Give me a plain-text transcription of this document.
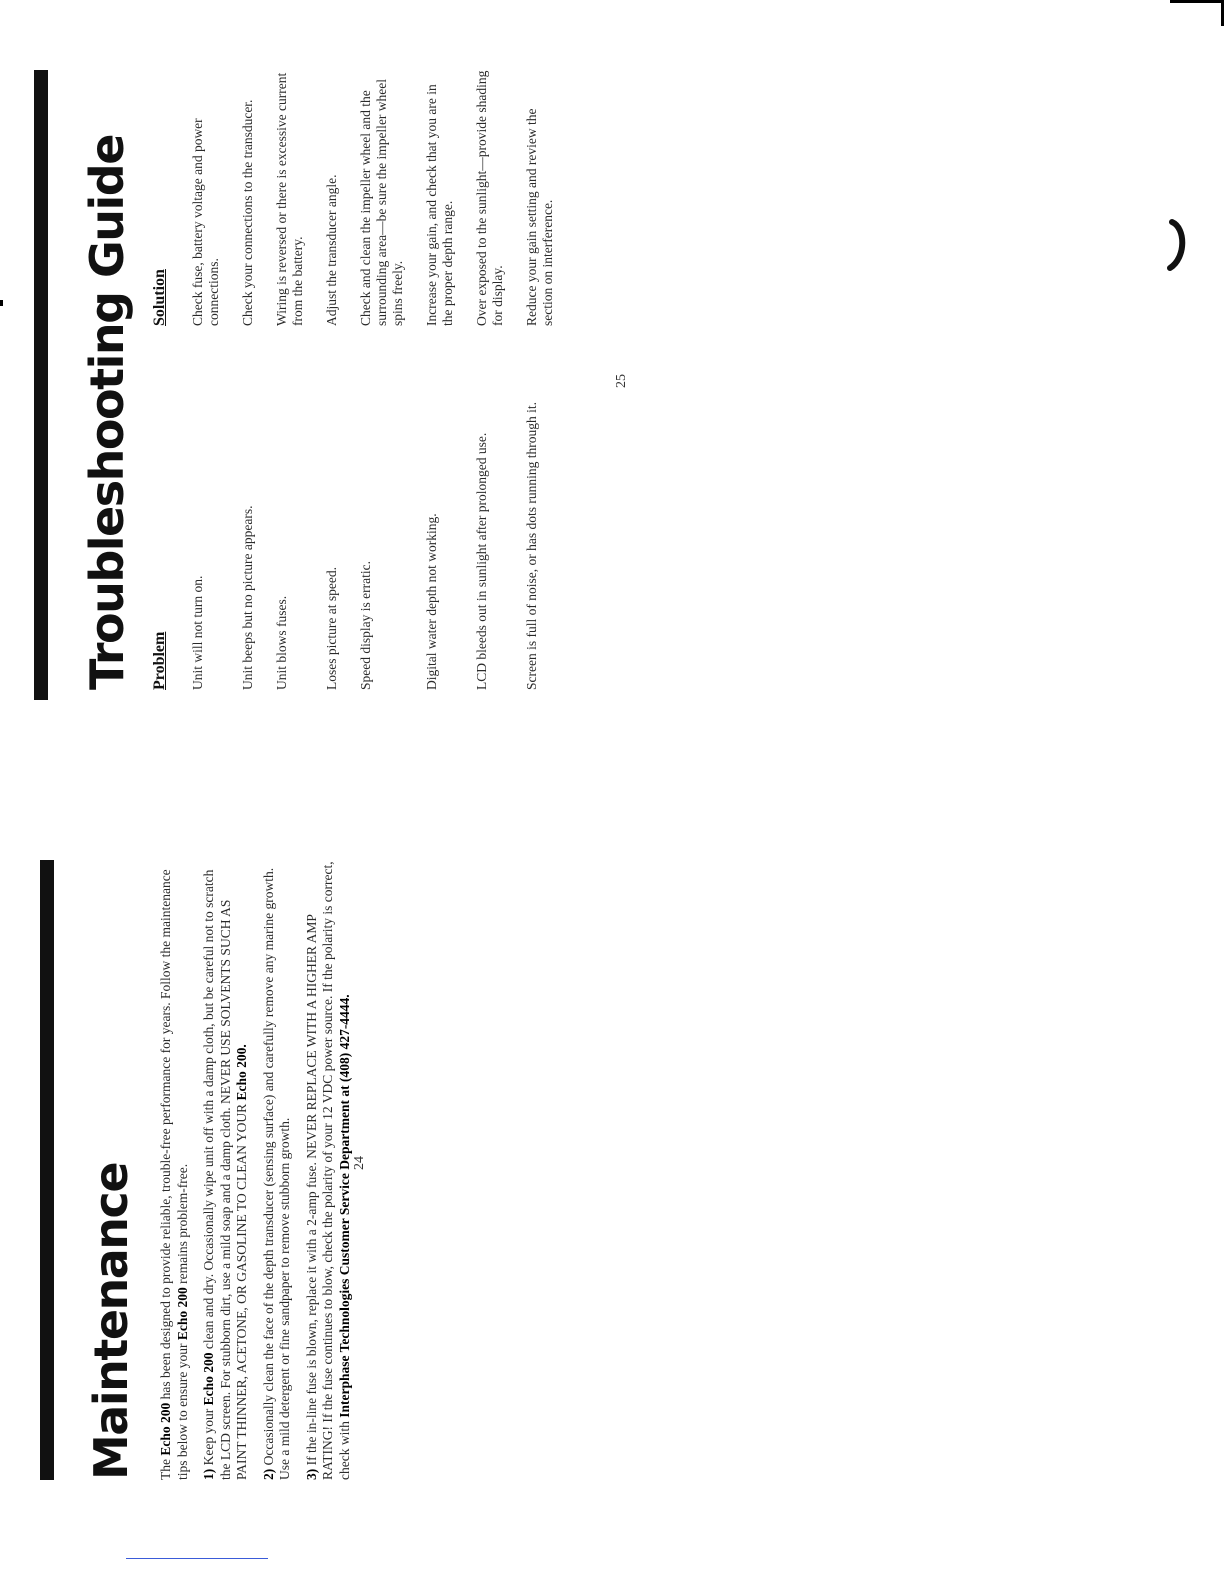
Maintenance The Echo 200 has been designed to provide reliable, trouble-free performance for years. Follow the maintenance tips below to ensure your Echo 200 remains problem-free.

1) Keep your Echo 200 clean and dry. Occasionally wipe unit off with a damp cloth, but be careful not to scratch the LCD screen. For stubborn dirt, use a mild soap and a damp cloth. NEVER USE SOLVENTS SUCH AS PAINT THINNER, ACETONE, OR GASOLINE TO CLEAN YOUR Echo 200.

2) Occasionally clean the face of the depth transducer (sensing surface) and carefully remove any marine growth. Use a mild detergent or fine sandpaper to remove stubborn growth. 3) If the in-line fuse is blown, replace it with a 2-amp fuse. NEVER REPLACE WITH A HIGHER AMP RATING! If the fuse continues to blow, check the polarity of your 12 VDC power source. If the polarity is correct, check with Interphase Technologies Customer Service Department at (408) 427-4444. 24
Troubleshooting Guide Problem	Solution
Unit will not turn on.	Check fuse, battery voltage and power connections.
Unit beeps but no picture appears.	Check your connections to the transducer.
Unit blows fuses.	Wiring is reversed or there is excessive current from the battery.
Loses picture at speed.	Adjust the transducer angle.
Speed display is erratic.	Check and clean the impeller wheel and the surrounding area—be sure the impeller wheel spins freely.
Digital water depth not working.	Increase your gain, and check that you are in the proper depth range.
LCD bleeds out in sunlight after prolonged use.	Over exposed to the sunlight—provide shading for display.
Screen is full of noise, or has dots running through it.	Reduce your gain setting and review the section on interference.
25
